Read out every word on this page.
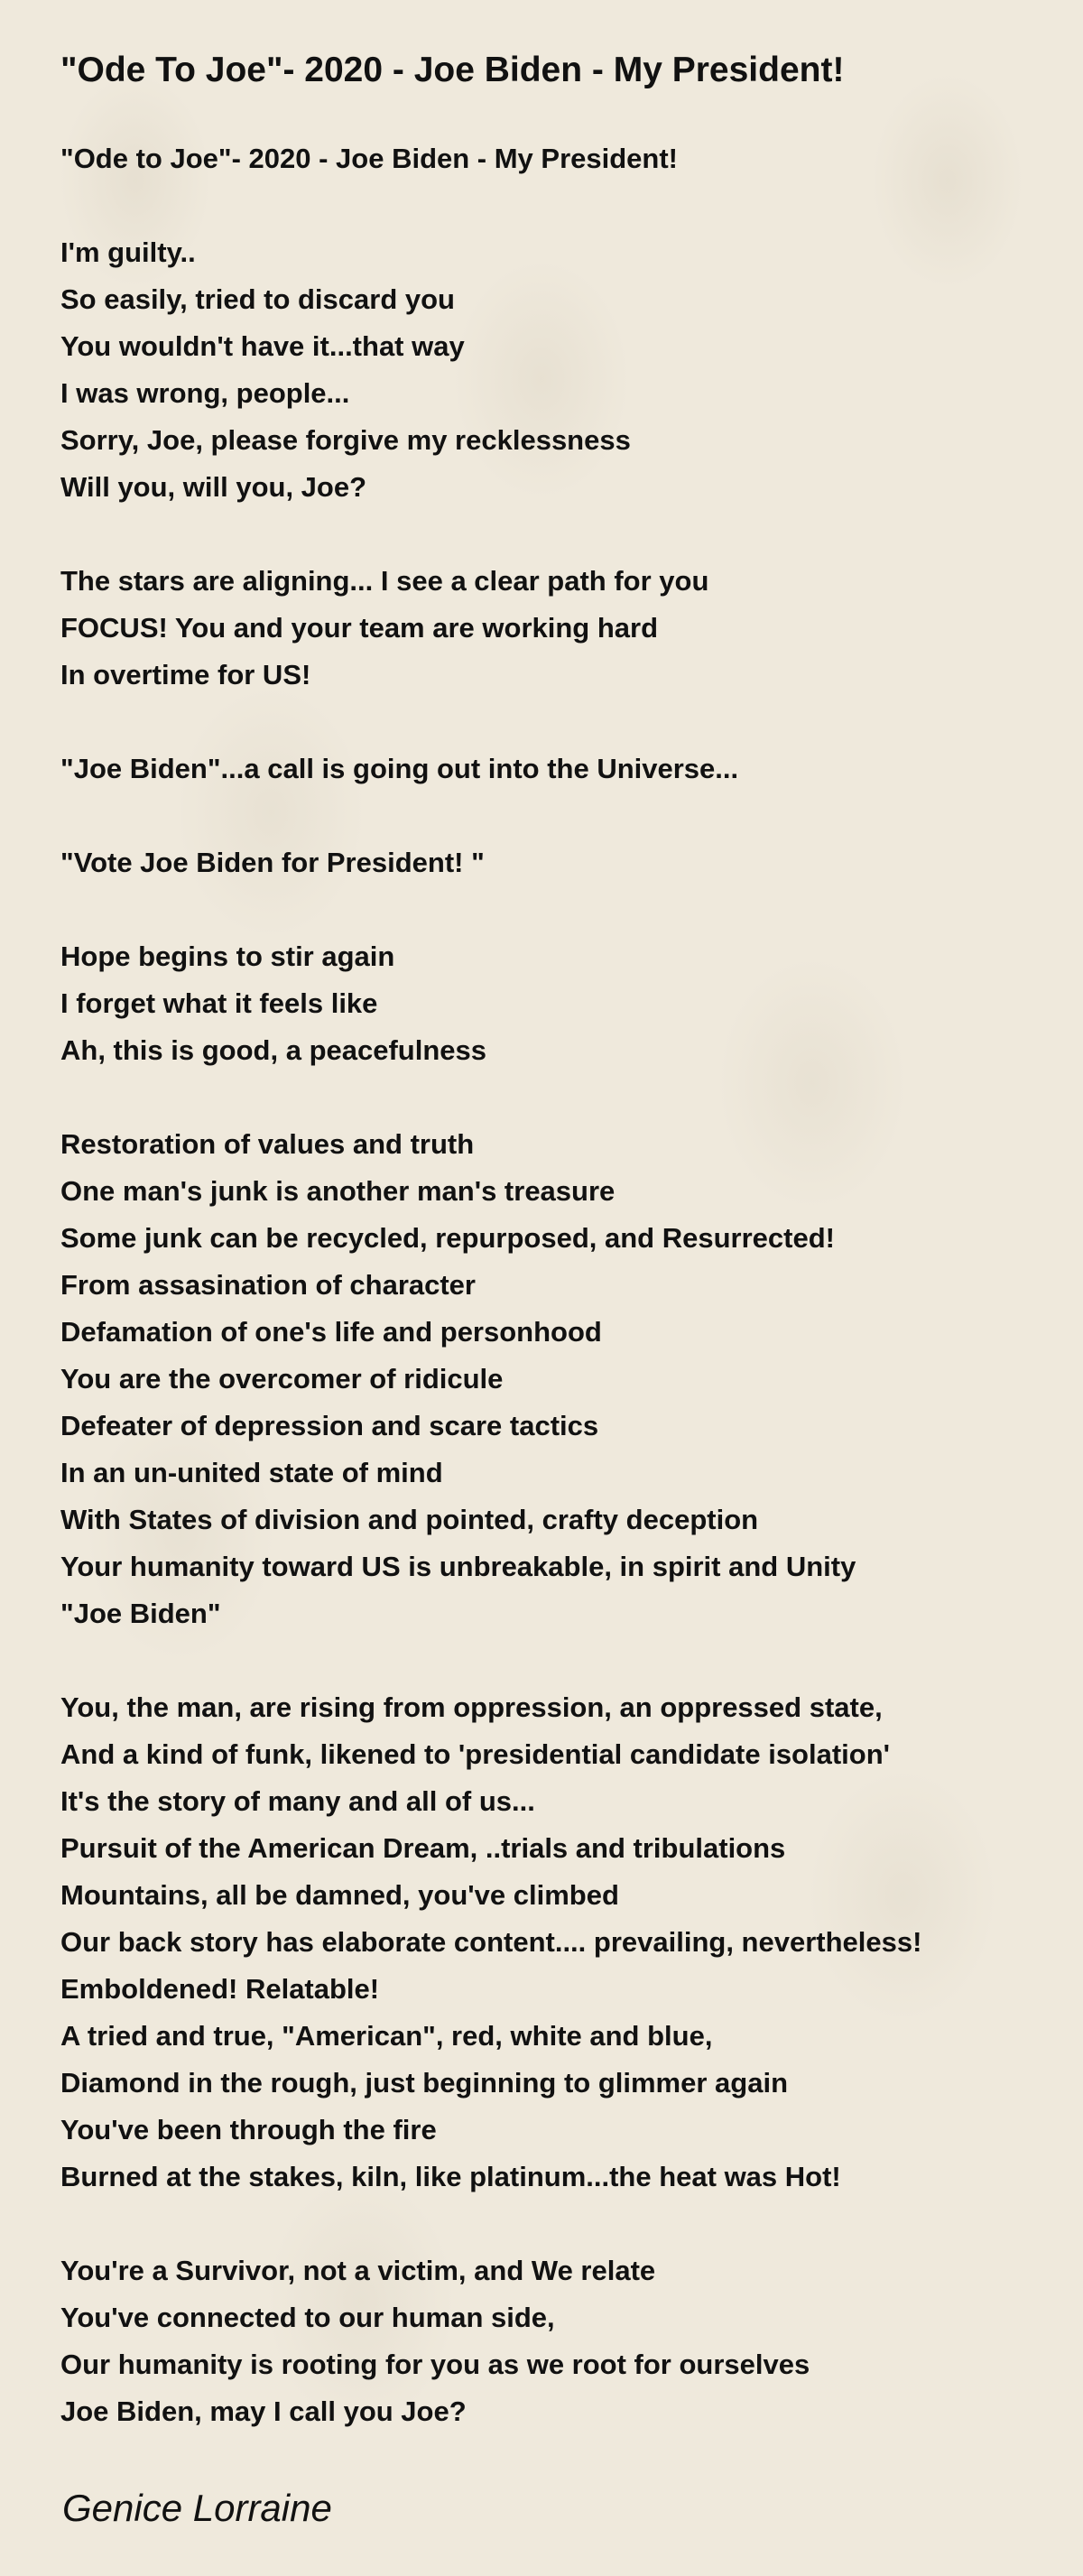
"Ode To Joe"- 2020 - Joe Biden - My President!
"Ode to Joe"- 2020 - Joe Biden - My President!
I'm guilty..
So easily, tried to discard you
You wouldn't have it...that way
I was wrong, people...
Sorry, Joe, please forgive my recklessness
Will you, will you, Joe?
The stars are aligning... I see a clear path for you
FOCUS! You and your team are working hard
In overtime for US!
"Joe Biden"...a call is going out into the Universe...
"Vote Joe Biden for President! "
Hope begins to stir again
I forget what it feels like
Ah, this is good, a peacefulness
Restoration of values and truth
One man's junk is another man's treasure
Some junk can be recycled, repurposed, and Resurrected!
From assasination of character
Defamation of one's life and personhood
You are the overcomer of ridicule
Defeater of depression and scare tactics
In an un-united state of mind
With States of division and pointed, crafty deception
Your humanity toward US is unbreakable, in spirit and Unity
"Joe Biden"
You, the man, are rising from oppression, an oppressed state,
And a kind of funk, likened to 'presidential candidate isolation'
It's the story of many and all of us...
Pursuit of the American Dream, ..trials and tribulations
Mountains, all be damned, you've climbed
Our back story has elaborate content.... prevailing, nevertheless!
Emboldened! Relatable!
A tried and true, "American", red, white and blue,
Diamond in the rough, just beginning to glimmer again
You've been through the fire
Burned at the stakes, kiln, like platinum...the heat was Hot!
You're a Survivor, not a victim, and We relate
You've connected to our human side,
Our humanity is rooting for you as we root for ourselves
Joe Biden, may I call you Joe?
Genice Lorraine
